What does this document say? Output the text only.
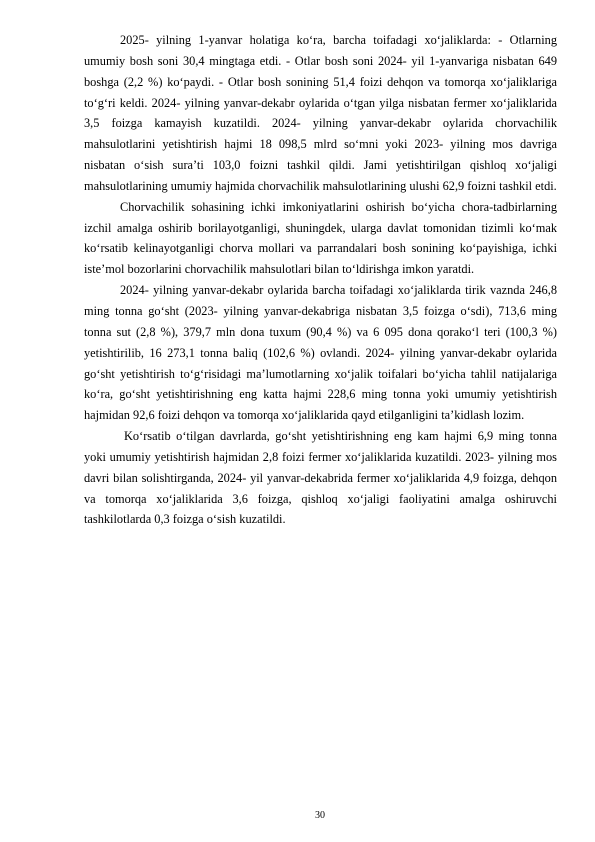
2025- yilning 1-yanvar holatiga ko‘ra, barcha toifadagi xo‘jaliklarda: - Otlarning umumiy bosh soni 30,4 mingtaga etdi. - Otlar bosh soni 2024- yil 1-yanvariga nisbatan 649 boshga (2,2 %) ko‘paydi. - Otlar bosh sonining 51,4 foizi dehqon va tomorqa xo‘jaliklariga to‘g‘ri keldi. 2024- yilning yanvar-dekabr oylarida o‘tgan yilga nisbatan fermer xo‘jaliklarida 3,5 foizga kamayish kuzatildi. 2024- yilning yanvar-dekabr oylarida chorvachilik mahsulotlarini yetishtirish hajmi 18 098,5 mlrd so‘mni yoki 2023- yilning mos davriga nisbatan o‘sish sura’ti 103,0 foizni tashkil qildi. Jami yetishtirilgan qishloq xo‘jaligi mahsulotlarining umumiy hajmida chorvachilik mahsulotlarining ulushi 62,9 foizni tashkil etdi.

Chorvachilik sohasining ichki imkoniyatlarini oshirish bo‘yicha chora-tadbirlarning izchil amalga oshirib borilayotganligi, shuningdek, ularga davlat tomonidan tizimli ko‘mak ko‘rsatib kelinayotganligi chorva mollari va parrandalari bosh sonining ko‘payishiga, ichki iste’mol bozorlarini chorvachilik mahsulotlari bilan to‘ldirishga imkon yaratdi.

2024- yilning yanvar-dekabr oylarida barcha toifadagi xo‘jaliklarda tirik vaznda 246,8 ming tonna go‘sht (2023- yilning yanvar-dekabriga nisbatan 3,5 foizga o‘sdi), 713,6 ming tonna sut (2,8 %), 379,7 mln dona tuxum (90,4 %) va 6 095 dona qorako‘l teri (100,3 %) yetishtirilib, 16 273,1 tonna baliq (102,6 %) ovlandi. 2024- yilning yanvar-dekabr oylarida go‘sht yetishtirish to‘g‘risidagi ma’lumotlarning xo‘jalik toifalari bo‘yicha tahlil natijalariga ko‘ra, go‘sht yetishtirishning eng katta hajmi 228,6 ming tonna yoki umumiy yetishtirish hajmidan 92,6 foizi dehqon va tomorqa xo‘jaliklarida qayd etilganligini ta’kidlash lozim.

Ko‘rsatib o‘tilgan davrlarda, go‘sht yetishtirishning eng kam hajmi 6,9 ming tonna yoki umumiy yetishtirish hajmidan 2,8 foizi fermer xo‘jaliklarida kuzatildi. 2023- yilning mos davri bilan solishtirganda, 2024- yil yanvar-dekabrida fermer xo‘jaliklarida 4,9 foizga, dehqon va tomorqa xo‘jaliklarida 3,6 foizga, qishloq xo‘jaligi faoliyatini amalga oshiruvchi tashkilotlarda 0,3 foizga o‘sish kuzatildi.

30
